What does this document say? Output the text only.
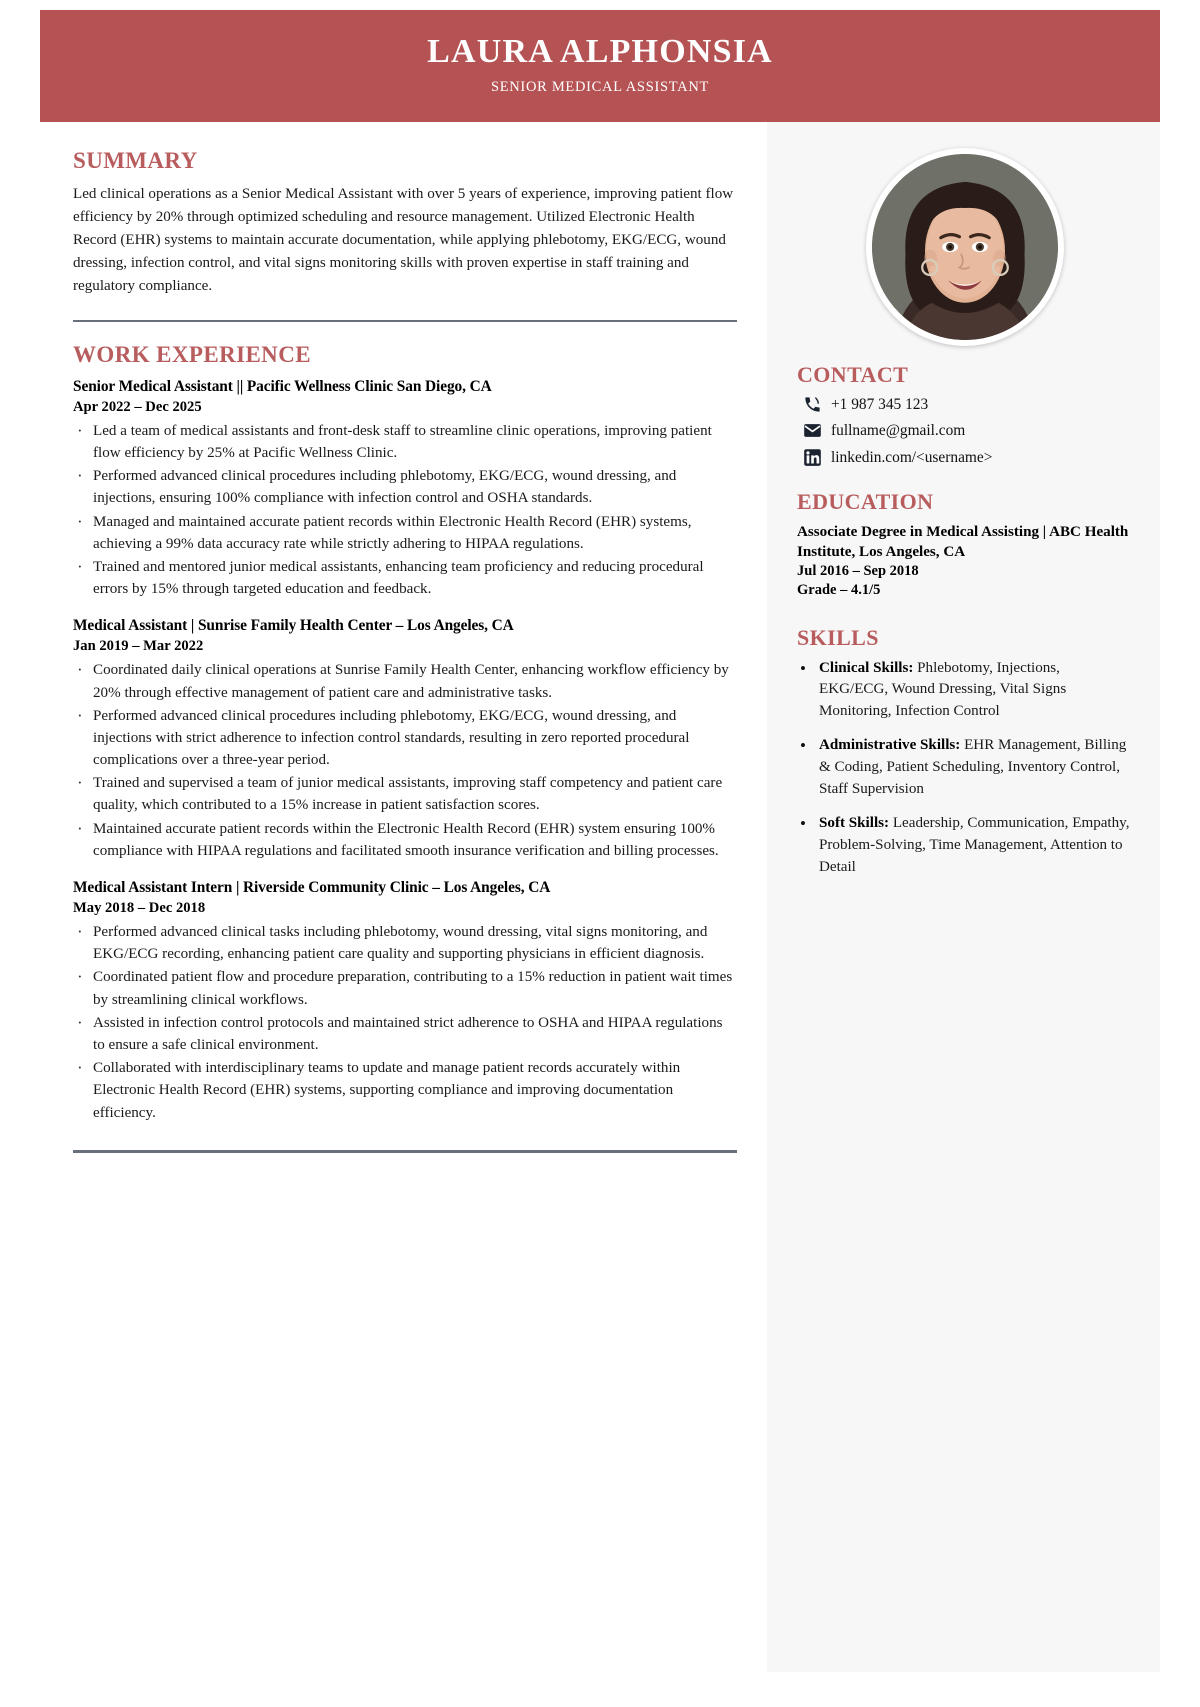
LAURA ALPHONSIA
SENIOR MEDICAL ASSISTANT
SUMMARY
Led clinical operations as a Senior Medical Assistant with over 5 years of experience, improving patient flow efficiency by 20% through optimized scheduling and resource management. Utilized Electronic Health Record (EHR) systems to maintain accurate documentation, while applying phlebotomy, EKG/ECG, wound dressing, infection control, and vital signs monitoring skills with proven expertise in staff training and regulatory compliance.
WORK EXPERIENCE
Senior Medical Assistant || Pacific Wellness Clinic San Diego, CA
Apr 2022 – Dec 2025
· Led a team of medical assistants and front-desk staff to streamline clinic operations, improving patient flow efficiency by 25% at Pacific Wellness Clinic.
· Performed advanced clinical procedures including phlebotomy, EKG/ECG, wound dressing, and injections, ensuring 100% compliance with infection control and OSHA standards.
· Managed and maintained accurate patient records within Electronic Health Record (EHR) systems, achieving a 99% data accuracy rate while strictly adhering to HIPAA regulations.
· Trained and mentored junior medical assistants, enhancing team proficiency and reducing procedural errors by 15% through targeted education and feedback.
Medical Assistant | Sunrise Family Health Center – Los Angeles, CA
Jan 2019 – Mar 2022
· Coordinated daily clinical operations at Sunrise Family Health Center, enhancing workflow efficiency by 20% through effective management of patient care and administrative tasks.
· Performed advanced clinical procedures including phlebotomy, EKG/ECG, wound dressing, and injections with strict adherence to infection control standards, resulting in zero reported procedural complications over a three-year period.
· Trained and supervised a team of junior medical assistants, improving staff competency and patient care quality, which contributed to a 15% increase in patient satisfaction scores.
· Maintained accurate patient records within the Electronic Health Record (EHR) system ensuring 100% compliance with HIPAA regulations and facilitated smooth insurance verification and billing processes.
Medical Assistant Intern | Riverside Community Clinic – Los Angeles, CA
May 2018 – Dec 2018
· Performed advanced clinical tasks including phlebotomy, wound dressing, vital signs monitoring, and EKG/ECG recording, enhancing patient care quality and supporting physicians in efficient diagnosis.
· Coordinated patient flow and procedure preparation, contributing to a 15% reduction in patient wait times by streamlining clinical workflows.
· Assisted in infection control protocols and maintained strict adherence to OSHA and HIPAA regulations to ensure a safe clinical environment.
· Collaborated with interdisciplinary teams to update and manage patient records accurately within Electronic Health Record (EHR) systems, supporting compliance and improving documentation efficiency.
CONTACT
+1 987 345 123
fullname@gmail.com
linkedin.com/<username>
EDUCATION
Associate Degree in Medical Assisting | ABC Health Institute, Los Angeles, CA
Jul 2016 – Sep 2018
Grade – 4.1/5
SKILLS
• Clinical Skills: Phlebotomy, Injections, EKG/ECG, Wound Dressing, Vital Signs Monitoring, Infection Control
• Administrative Skills: EHR Management, Billing & Coding, Patient Scheduling, Inventory Control, Staff Supervision
• Soft Skills: Leadership, Communication, Empathy, Problem-Solving, Time Management, Attention to Detail
